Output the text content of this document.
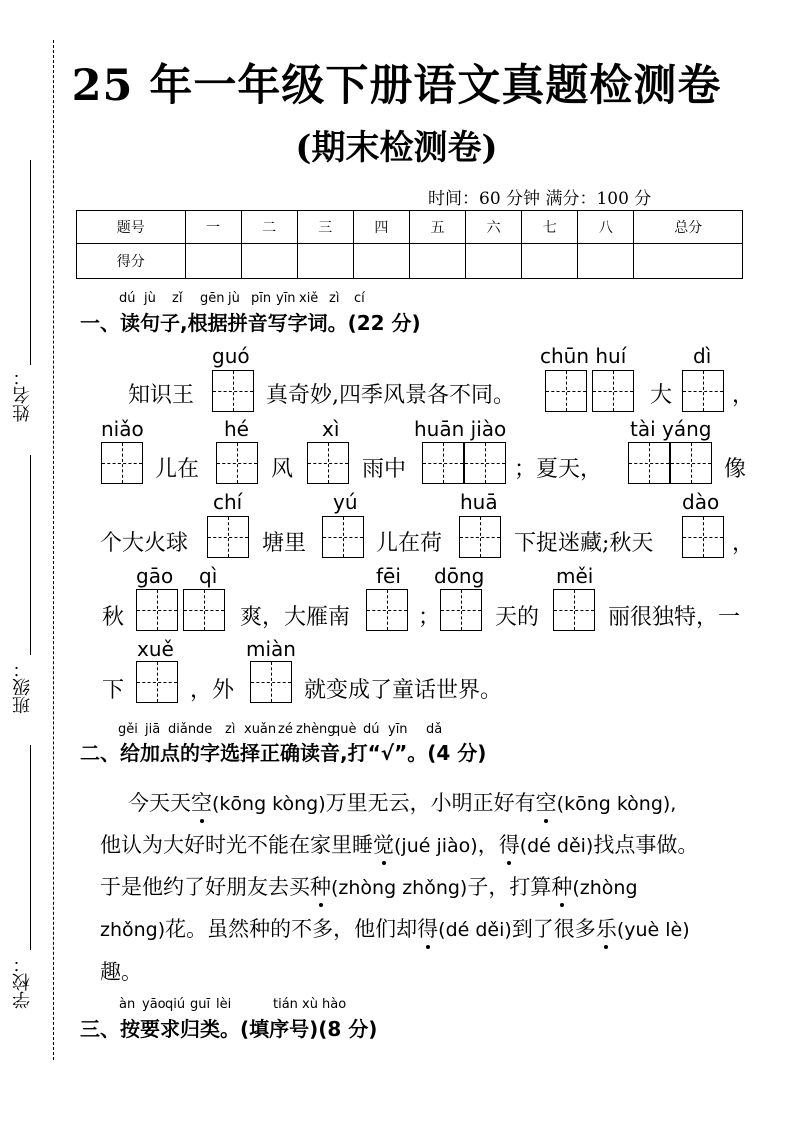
姓名：
班级：
学校：
25 年一年级下册语文真题检测卷
(期末检测卷)
时间：60 分钟 满分：100 分
题号	一	二	三	四	五	六	七	八	总分
得分									
dú jù zǐ gēn jù pīn yīn xiě zì cí
一、读句子,根据拼音写字词。(22 分)
知识王
guó
真奇妙,四季风景各不同。
chūn huí
大
dì
，
niǎo
儿在
hé
风
xì
雨中
huān jiào
；夏天，
tài yáng
像
个大火球
chí
塘里
yú
儿在荷
huā
下捉迷藏;秋天
dào
，
秋
gāo qì
爽，大雁南
fēi
；
dōng
天的
měi
丽很独特，一
下
xuě
，外
miàn
就变成了童话世界。
gěi jiā diǎn de zì xuǎn zé zhèng
què dú yīn dǎ
二、给加点的字选择正确读音,打“√”。(4 分)
今天天空(kōng kòng)万里无云，小明正好有空(kōng kòng),
他认为大好时光不能在家里睡觉(jué jiào)，得(dé děi)找点事做。
于是他约了好朋友去买种(zhòng zhǒng)子，打算种(zhòng
zhǒng)花。虽然种的不多，他们却得(dé děi)到了很多乐(yuè lè)
趣。
àn yāo qiú guī lèi	tián xù hào
三、按要求归类。(填序号)(8 分)
